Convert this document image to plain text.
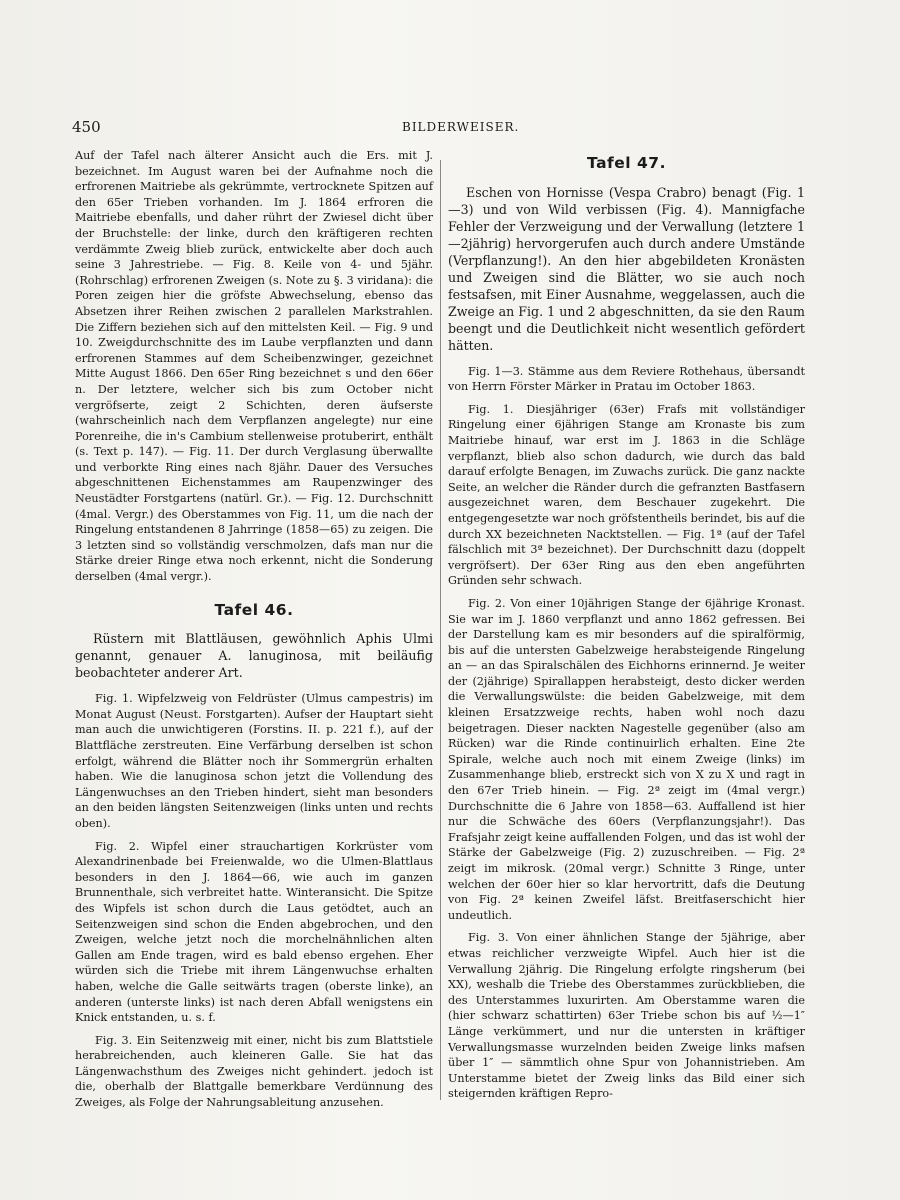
450	BILDERWEISER.

Auf der Tafel nach älterer Ansicht auch die Ers. mit J. bezeichnet. Im August waren bei der Aufnahme noch die erfrorenen Maitriebe als gekrümmte, vertrocknete Spitzen auf den 65er Trieben vorhanden. Im J. 1864 erfroren die Maitriebe ebenfalls, und daher rührt der Zwiesel dicht über der Bruchstelle: der linke, durch den kräftigeren rechten verdämmte Zweig blieb zurück, entwickelte aber doch auch seine 3 Jahrestriebe. — Fig. 8. Keile von 4- und 5jähr. (Rohrschlag) erfrorenen Zweigen (s. Note zu §. 3 viridana): die Poren zeigen hier die gröfste Abwechselung, ebenso das Absetzen ihrer Reihen zwischen 2 parallelen Markstrahlen. Die Ziffern beziehen sich auf den mittelsten Keil. — Fig. 9 und 10. Zweigdurchschnitte des im Laube verpflanzten und dann erfrorenen Stammes auf dem Scheibenzwinger, gezeichnet Mitte August 1866. Den 65er Ring bezeichnet s und den 66er n. Der letztere, welcher sich bis zum October nicht vergröfserte, zeigt 2 Schichten, deren äufserste (wahrscheinlich nach dem Verpflanzen angelegte) nur eine Porenreihe, die in's Cambium stellenweise protuberirt, enthält (s. Text p. 147). — Fig. 11. Der durch Verglasung überwallte und verborkte Ring eines nach 8jähr. Dauer des Versuches abgeschnittenen Eichenstammes am Raupenzwinger des Neustädter Forstgartens (natürl. Gr.). — Fig. 12. Durchschnitt (4mal. Vergr.) des Oberstammes von Fig. 11, um die nach der Ringelung entstandenen 8 Jahrringe (1858—65) zu zeigen. Die 3 letzten sind so vollständig verschmolzen, dafs man nur die Stärke dreier Ringe etwa noch erkennt, nicht die Sonderung derselben (4mal vergr.).

Tafel 46.

Rüstern mit Blattläusen, gewöhnlich Aphis Ulmi genannt, genauer A. lanuginosa, mit beiläufig beobachteter anderer Art.

Fig. 1. Wipfelzweig von Feldrüster (Ulmus campestris) im Monat August (Neust. Forstgarten). Aufser der Hauptart sieht man auch die unwichtigeren (Forstins. II. p. 221 f.), auf der Blattfläche zerstreuten. Eine Verfärbung derselben ist schon erfolgt, während die Blätter noch ihr Sommergrün erhalten haben. Wie die lanuginosa schon jetzt die Vollendung des Längenwuchses an den Trieben hindert, sieht man besonders an den beiden längsten Seitenzweigen (links unten und rechts oben).

Fig. 2. Wipfel einer strauchartigen Korkrüster vom Alexandrinenbade bei Freienwalde, wo die Ulmen-Blattlaus besonders in den J. 1864—66, wie auch im ganzen Brunnenthale, sich verbreitet hatte. Winteransicht. Die Spitze des Wipfels ist schon durch die Laus getödtet, auch an Seitenzweigen sind schon die Enden abgebrochen, und den Zweigen, welche jetzt noch die morchelnähnlichen alten Gallen am Ende tragen, wird es bald ebenso ergehen. Eher würden sich die Triebe mit ihrem Längenwuchse erhalten haben, welche die Galle seitwärts tragen (oberste linke), an anderen (unterste links) ist nach deren Abfall wenigstens ein Knick entstanden, u. s. f.

Fig. 3. Ein Seitenzweig mit einer, nicht bis zum Blattstiele herabreichenden, auch kleineren Galle. Sie hat das Längenwachsthum des Zweiges nicht gehindert. jedoch ist die, oberhalb der Blattgalle bemerkbare Verdünnung des Zweiges, als Folge der Nahrungsableitung anzusehen.

Tafel 47.

Eschen von Hornisse (Vespa Crabro) benagt (Fig. 1 —3) und von Wild verbissen (Fig. 4). Mannigfache Fehler der Verzweigung und der Verwallung (letztere 1—2jährig) hervorgerufen auch durch andere Umstände (Verpflanzung!). An den hier abgebildeten Kronästen und Zweigen sind die Blätter, wo sie auch noch festsafsen, mit Einer Ausnahme, weggelassen, auch die Zweige an Fig. 1 und 2 abgeschnitten, da sie den Raum beengt und die Deutlichkeit nicht wesentlich gefördert hätten.

Fig. 1—3. Stämme aus dem Reviere Rothehaus, übersandt von Herrn Förster Märker in Pratau im October 1863.

Fig. 1. Diesjähriger (63er) Frafs mit vollständiger Ringelung einer 6jährigen Stange am Kronaste bis zum Maitriebe hinauf, war erst im J. 1863 in die Schläge verpflanzt, blieb also schon dadurch, wie durch das bald darauf erfolgte Benagen, im Zuwachs zurück. Die ganz nackte Seite, an welcher die Ränder durch die gefranzten Bastfasern ausgezeichnet waren, dem Beschauer zugekehrt. Die entgegengesetzte war noch gröfstentheils berindet, bis auf die durch XX bezeichneten Nacktstellen. — Fig. 1ª (auf der Tafel fälschlich mit 3ª bezeichnet). Der Durchschnitt dazu (doppelt vergröfsert). Der 63er Ring aus den eben angeführten Gründen sehr schwach.

Fig. 2. Von einer 10jährigen Stange der 6jährige Kronast. Sie war im J. 1860 verpflanzt und anno 1862 gefressen. Bei der Darstellung kam es mir besonders auf die spiralförmig, bis auf die untersten Gabelzweige herabsteigende Ringelung an — an das Spiralschälen des Eichhorns erinnernd. Je weiter der (2jährige) Spirallappen herabsteigt, desto dicker werden die Verwallungswülste: die beiden Gabelzweige, mit dem kleinen Ersatzzweige rechts, haben wohl noch dazu beigetragen. Dieser nackten Nagestelle gegenüber (also am Rücken) war die Rinde continuirlich erhalten. Eine 2te Spirale, welche auch noch mit einem Zweige (links) im Zusammenhange blieb, erstreckt sich von X zu X und ragt in den 67er Trieb hinein. — Fig. 2ª zeigt im (4mal vergr.) Durchschnitte die 6 Jahre von 1858—63. Auffallend ist hier nur die Schwäche des 60ers (Verpflanzungsjahr!). Das Frafsjahr zeigt keine auffallenden Folgen, und das ist wohl der Stärke der Gabelzweige (Fig. 2) zuzuschreiben. — Fig. 2ª zeigt im mikrosk. (20mal vergr.) Schnitte 3 Ringe, unter welchen der 60er hier so klar hervortritt, dafs die Deutung von Fig. 2ª keinen Zweifel läfst. Breitfaserschicht hier undeutlich.

Fig. 3. Von einer ähnlichen Stange der 5jährige, aber etwas reichlicher verzweigte Wipfel. Auch hier ist die Verwallung 2jährig. Die Ringelung erfolgte ringsherum (bei XX), weshalb die Triebe des Oberstammes zurückblieben, die des Unterstammes luxurirten. Am Oberstamme waren die (hier schwarz schattirten) 63er Triebe schon bis auf ½—1″ Länge verkümmert, und nur die untersten in kräftiger Verwallungsmasse wurzelnden beiden Zweige links mafsen über 1″ — sämmtlich ohne Spur von Johannistrieben. Am Unterstamme bietet der Zweig links das Bild einer sich steigernden kräftigen Repro-
